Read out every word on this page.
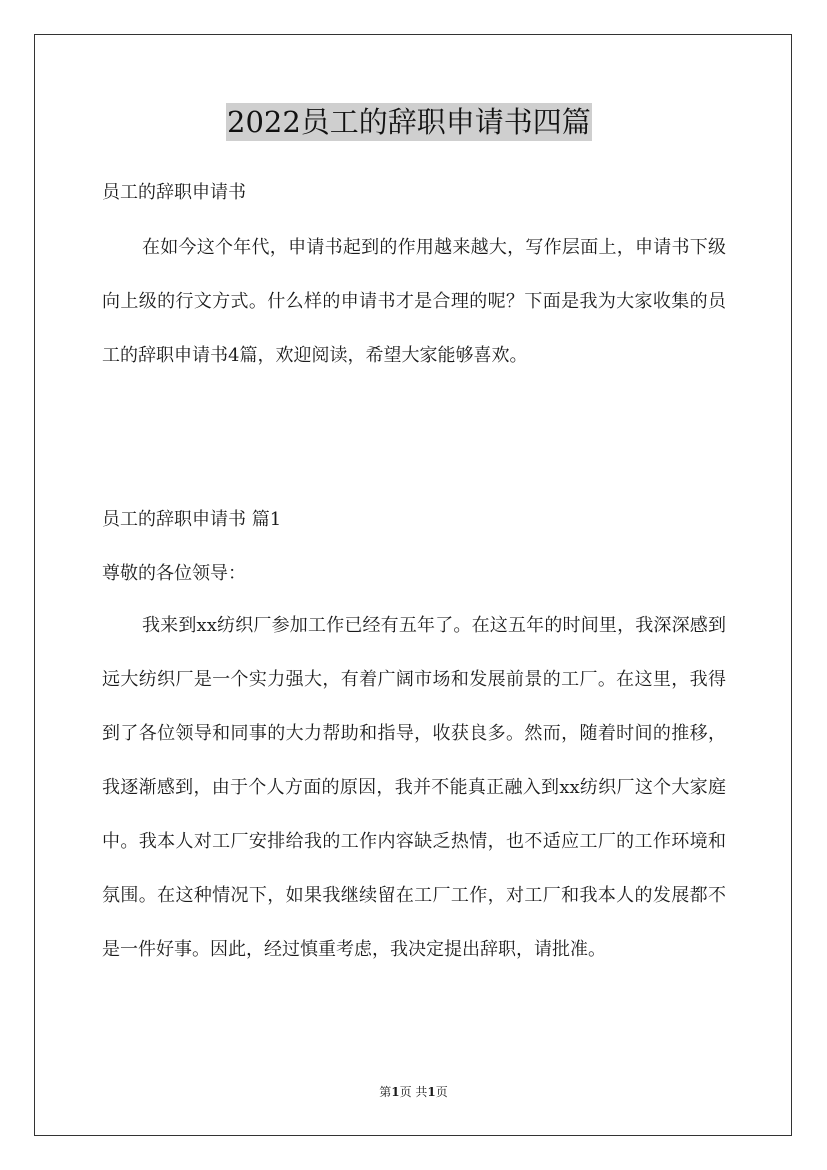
2022员工的辞职申请书四篇
员工的辞职申请书

在如今这个年代，申请书起到的作用越来越大，写作层面上，申请书下级向上级的行文方式。什么样的申请书才是合理的呢？下面是我为大家收集的员工的辞职申请书4篇，欢迎阅读，希望大家能够喜欢。

员工的辞职申请书 篇1
尊敬的各位领导：

我来到xx纺织厂参加工作已经有五年了。在这五年的时间里，我深深感到远大纺织厂是一个实力强大，有着广阔市场和发展前景的工厂。在这里，我得到了各位领导和同事的大力帮助和指导，收获良多。然而，随着时间的推移，我逐渐感到，由于个人方面的原因，我并不能真正融入到xx纺织厂这个大家庭中。我本人对工厂安排给我的工作内容缺乏热情，也不适应工厂的工作环境和氛围。在这种情况下，如果我继续留在工厂工作，对工厂和我本人的发展都不是一件好事。因此，经过慎重考虑，我决定提出辞职，请批准。

第1页 共1页
